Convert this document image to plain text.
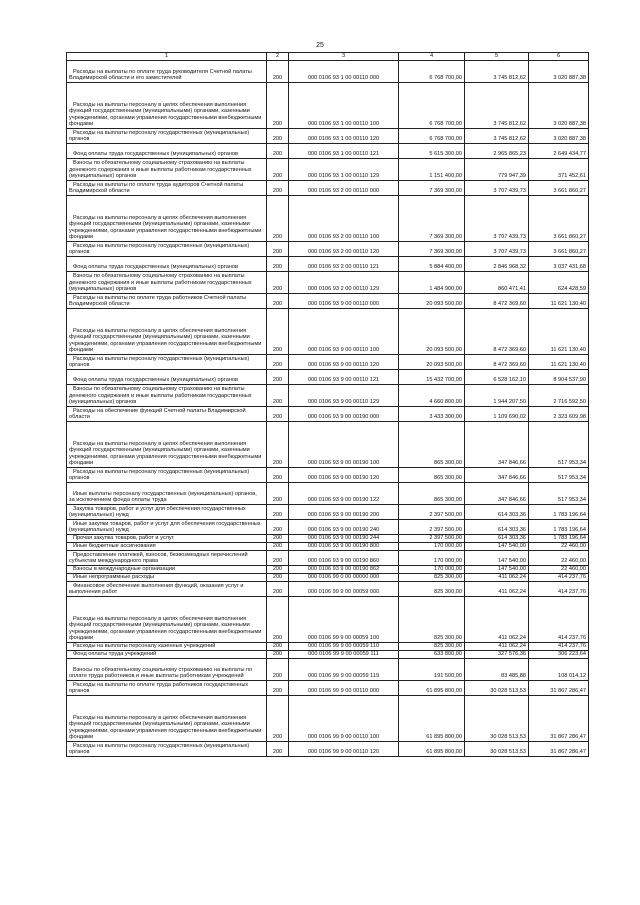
25
1	2	3	4	5	6

Расходы на выплаты по оплате труда руководителя Счетной палаты Владимирской области и его заместителей	200	000 0106 93 1 00 00110 000	6 768 700,00	3 745 812,62	3 020 887,38

Расходы на выплаты персоналу в целях обеспечения выполнения функций государственными (муниципальными) органами, казенными учреждениями, органами управления государственными внебюджетными фондами	200	000 0106 93 1 00 00110 100	6 768 700,00	3 745 812,62	3 020 887,38

Расходы на выплаты персоналу государственных (муниципальных) органов	200	000 0106 93 1 00 00110 120	6 768 700,00	3 745 812,62	3 020 887,38

Фонд оплаты труда государственных (муниципальных) органов	200	000 0106 93 1 00 00110 121	5 615 300,00	2 965 865,23	2 649 434,77

Взносы по обязательному социальному страхованию на выплаты денежного содержания и иные выплаты работникам государственных (муниципальных) органов	200	000 0106 93 1 00 00110 129	1 151 400,00	779 947,39	371 452,61

Расходы на выплаты по оплате труда аудиторов Счетной палаты Владимирской области	200	000 0106 93 2 00 00110 000	7 369 300,00	3 707 439,73	3 661 860,27

Расходы на выплаты персоналу в целях обеспечения выполнения функций государственными (муниципальными) органами, казенными учреждениями, органами управления государственными внебюджетными фондами	200	000 0106 93 2 00 00110 100	7 369 300,00	3 707 439,73	3 661 860,27

Расходы на выплаты персоналу государственных (муниципальных) органов	200	000 0106 93 2 00 00110 120	7 369 300,00	3 707 439,73	3 661 860,27

Фонд оплаты труда государственных (муниципальных) органов	200	000 0106 93 2 00 00110 121	5 884 400,00	2 846 968,32	3 037 431,68

Взносы по обязательному социальному страхованию на выплаты денежного содержания и иные выплаты работникам государственных (муниципальных) органов	200	000 0106 93 2 00 00110 129	1 484 900,00	860 471,41	624 428,59

Расходы на выплаты по оплате труда работников Счетной палаты Владимирской области	200	000 0106 93 9 00 00110 000	20 093 500,00	8 472 369,60	11 621 130,40

Расходы на выплаты персоналу в целях обеспечения выполнения функций государственными (муниципальными) органами, казенными учреждениями, органами управления государственными внебюджетными фондами	200	000 0106 93 9 00 00110 100	20 093 500,00	8 472 369,60	11 621 130,40

Расходы на выплаты персоналу государственных (муниципальных) органов	200	000 0106 93 9 00 00110 120	20 093 500,00	8 472 369,60	11 621 130,40

Фонд оплаты труда государственных (муниципальных) органов	200	000 0106 93 9 00 00110 121	15 432 700,00	6 528 162,10	8 904 537,90

Взносы по обязательному социальному страхованию на выплаты денежного содержания и иные выплаты работникам государственных (муниципальных) органов	200	000 0106 93 9 00 00110 129	4 660 800,00	1 944 207,50	2 716 592,50

Расходы на обеспечение функций Счетной палаты Владимирской области	200	000 0106 93 9 00 00190 000	3 433 300,00	1 109 690,02	2 323 609,98

Расходы на выплаты персоналу в целях обеспечения выполнения функций государственными (муниципальными) органами, казенными учреждениями, органами управления государственными внебюджетными фондами	200	000 0106 93 9 00 00190 100	865 300,00	347 846,66	517 953,34

Расходы на выплаты персоналу государственных (муниципальных) органов	200	000 0106 93 9 00 00190 120	865 300,00	347 846,66	517 953,34

Иные выплаты персоналу государственных (муниципальных) органов, за исключением фонда оплаты труда	200	000 0106 93 9 00 00190 122	865 300,00	347 846,66	517 953,34

Закупка товаров, работ и услуг для обеспечения государственных (муниципальных) нужд	200	000 0106 93 9 00 00190 200	2 397 500,00	614 303,36	1 783 196,64

Иные закупки товаров, работ и услуг для обеспечения государственных (муниципальных) нужд	200	000 0106 93 9 00 00190 240	2 397 500,00	614 303,36	1 783 196,64

Прочая закупка товаров, работ и услуг	200	000 0106 93 9 00 00190 244	2 397 500,00	614 303,36	1 783 196,64

Иные бюджетные ассигнования	200	000 0106 93 9 00 00190 800	170 000,00	147 540,00	22 460,00

Предоставление платежей, взносов, безвозмездных перечислений субъектам международного права	200	000 0106 93 9 00 00190 860	170 000,00	147 540,00	22 460,00

Взносы в международные организации	200	000 0106 93 9 00 00190 862	170 000,00	147 540,00	22 460,00

Иные непрограммные расходы	200	000 0106 99 0 00 00000 000	825 300,00	411 062,24	414 237,76

Финансовое обеспечение выполнения функций, оказания услуг и выполнения работ	200	000 0106 99 9 00 00059 000	825 300,00	411 062,24	414 237,76

Расходы на выплаты персоналу в целях обеспечения выполнения функций государственными (муниципальными) органами, казенными учреждениями, органами управления государственными внебюджетными фондами	200	000 0106 99 9 00 00059 100	825 300,00	411 062,24	414 237,76

Расходы на выплаты персоналу казенных учреждений	200	000 0106 99 9 00 00059 110	825 300,00	411 062,24	414 237,76

Фонд оплаты труда учреждений	200	000 0106 99 9 00 00059 111	633 800,00	327 576,36	306 223,64

Взносы по обязательному социальному страхованию на выплаты по оплате труда работников и иные выплаты работникам учреждений	200	000 0106 99 9 00 00059 119	191 500,00	83 485,88	108 014,12

Расходы на выплаты по оплате труда работников государственных органов	200	000 0106 99 9 00 00110 000	61 895 800,00	30 028 513,53	31 867 286,47

Расходы на выплаты персоналу в целях обеспечения выполнения функций государственными (муниципальными) органами, казенными учреждениями, органами управления государственными внебюджетными фондами	200	000 0106 99 9 00 00110 100	61 895 800,00	30 028 513,53	31 867 286,47

Расходы на выплаты персоналу государственных (муниципальных) органов	200	000 0106 99 9 00 00110 120	61 895 800,00	30 028 513,53	31 867 286,47
